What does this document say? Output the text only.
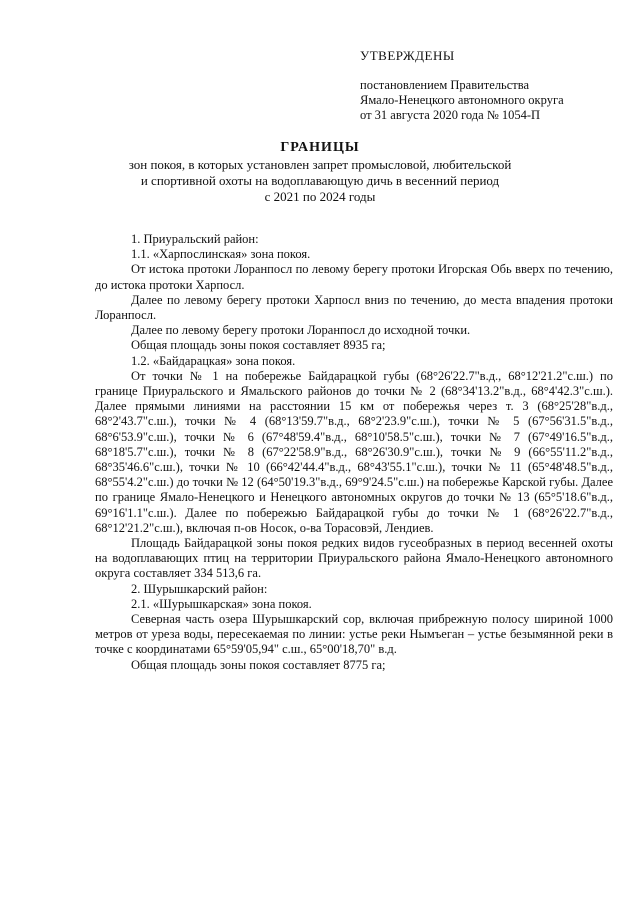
УТВЕРЖДЕНЫ
постановлением Правительства
Ямало-Ненецкого автономного округа
от 31 августа 2020 года № 1054-П
ГРАНИЦЫ
зон покоя, в которых установлен запрет промысловой, любительской
и спортивной охоты на водоплавающую дичь в весенний период
с 2021 по 2024 годы

1. Приуральский район:

1.1. «Харпослинская» зона покоя.

От истока протоки Лоранпосл по левому берегу протоки Игорская Обь вверх по течению, до истока протоки Харпосл.

Далее по левому берегу протоки Харпосл вниз по течению, до места впадения протоки Лоранпосл.

Далее по левому берегу протоки Лоранпосл до исходной точки.

Общая площадь зоны покоя составляет 8935 га;

1.2. «Байдарацкая» зона покоя.

От точки № 1 на побережье Байдарацкой губы (68°26'22.7"в.д., 68°12'21.2"с.ш.) по границе Приуральского и Ямальского районов до точки № 2 (68°34'13.2"в.д., 68°4'42.3"с.ш.). Далее прямыми линиями на расстоянии 15 км от побережья через т. 3 (68°25'28"в.д., 68°2'43.7"с.ш.), точки № 4 (68°13'59.7"в.д., 68°2'23.9"с.ш.), точки № 5 (67°56'31.5"в.д., 68°6'53.9"с.ш.), точки № 6 (67°48'59.4"в.д., 68°10'58.5"с.ш.), точки № 7 (67°49'16.5"в.д., 68°18'5.7"с.ш.), точки № 8 (67°22'58.9"в.д., 68°26'30.9"с.ш.), точки № 9 (66°55'11.2"в.д., 68°35'46.6"с.ш.), точки № 10 (66°42'44.4"в.д., 68°43'55.1"с.ш.), точки № 11 (65°48'48.5"в.д., 68°55'4.2"с.ш.) до точки № 12 (64°50'19.3"в.д., 69°9'24.5"с.ш.) на побережье Карской губы. Далее по границе Ямало-Ненецкого и Ненецкого автономных округов до точки № 13 (65°5'18.6"в.д., 69°16'1.1"с.ш.). Далее по побережью Байдарацкой губы до точки № 1 (68°26'22.7"в.д., 68°12'21.2"с.ш.), включая п-ов Носок, о-ва Торасовэй, Лендиев.

Площадь Байдарацкой зоны покоя редких видов гусеобразных в период весенней охоты на водоплавающих птиц на территории Приуральского района Ямало-Ненецкого автономного округа составляет 334 513,6 га.

2. Шурышкарский район:

2.1. «Шурышкарская» зона покоя.

Северная часть озера Шурышкарский сор, включая прибрежную полосу шириной 1000 метров от уреза воды, пересекаемая по линии: устье реки Нымъеган – устье безымянной реки в точке с координатами 65°59'05,94" с.ш., 65°00'18,70" в.д.

Общая площадь зоны покоя составляет 8775 га;
